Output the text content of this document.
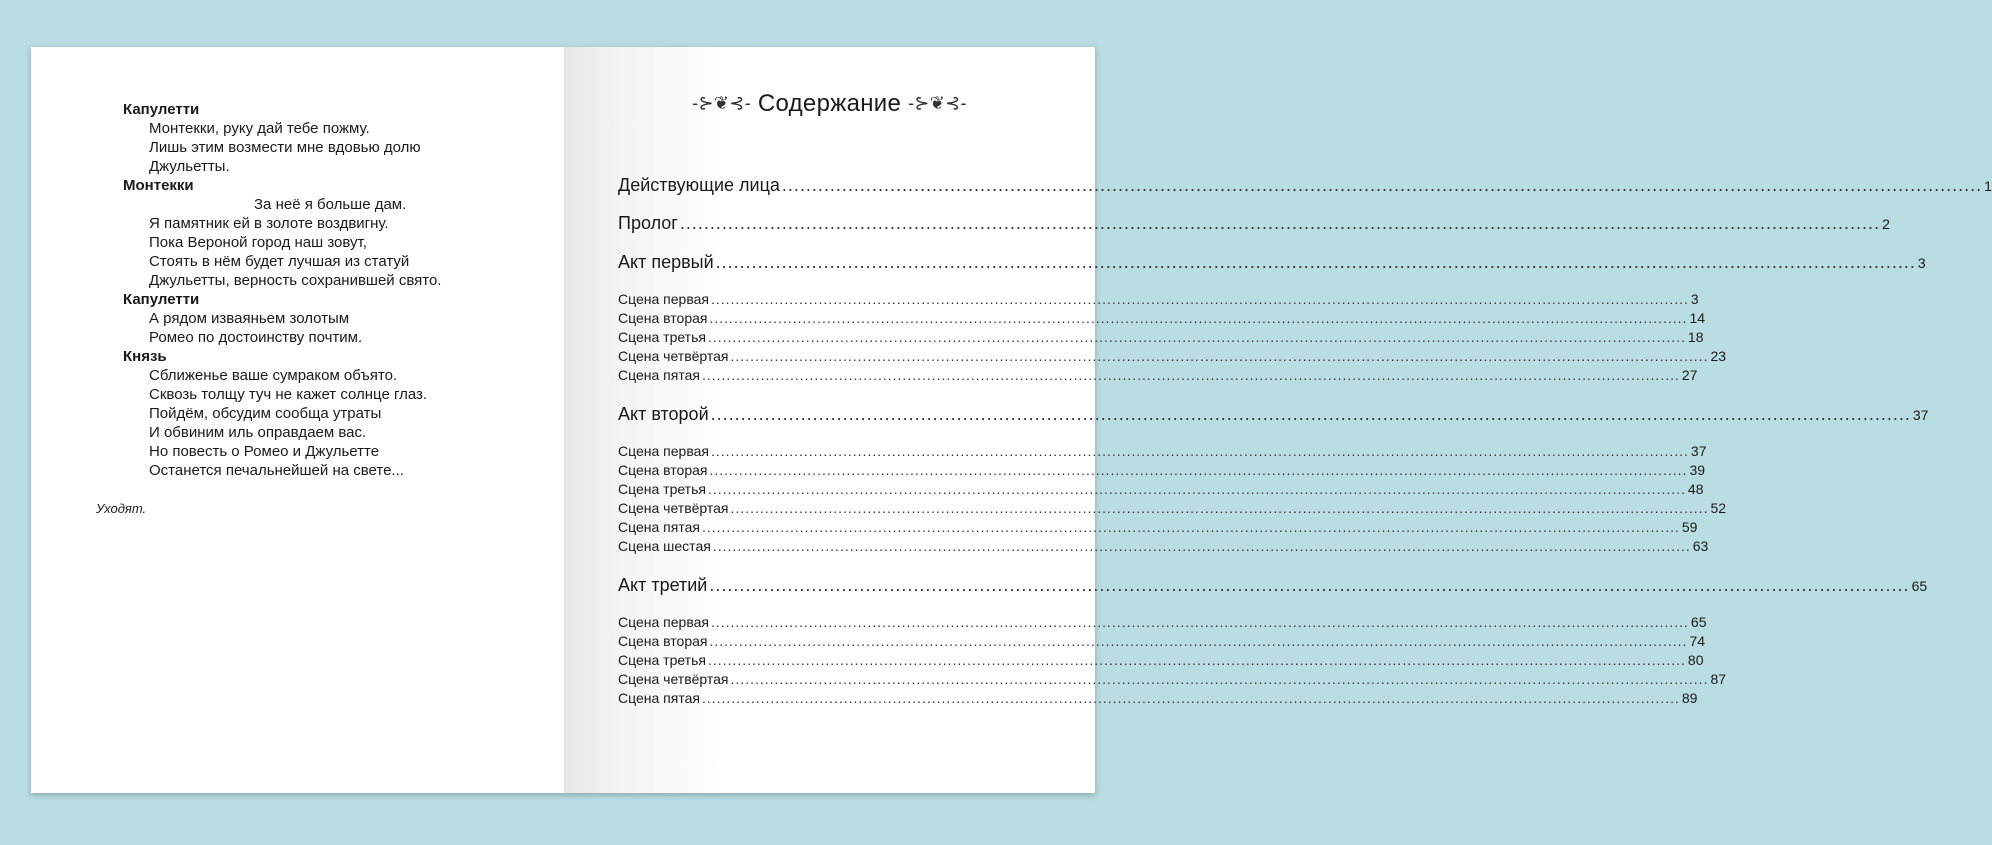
Капулетти
Монтекки, руку дай тебе пожму.
Лишь этим возмести мне вдовью долю
Джульетты.
Монтекки
За неё я больше дам.
Я памятник ей в золоте воздвигну.
Пока Вероной город наш зовут,
Стоять в нём будет лучшая из статуй
Джульетты, верность сохранившей свято.
Капулетти
А рядом изваяньем золотым
Ромео по достоинству почтим.
Князь
Сближенье ваше сумраком объято.
Сквозь толщу туч не кажет солнце глаз.
Пойдём, обсудим сообща утраты
И обвиним иль оправдаем вас.
Но повесть о Ромео и Джульетте
Останется печальнейшей на свете...
Уходят.
-⊱❦⊰- Содержание -⊱❦⊰-
Действующие лица ........................................................................................................................................................................................................ 1
Пролог ........................................................................................................................................................................................................ 2
Акт первый ........................................................................................................................................................................................................ 3
Сцена первая ........................................................................................................................................................................................................ 3
Сцена вторая ........................................................................................................................................................................................................ 14
Сцена третья ........................................................................................................................................................................................................ 18
Сцена четвёртая ........................................................................................................................................................................................................ 23
Сцена пятая ........................................................................................................................................................................................................ 27
Акт второй ........................................................................................................................................................................................................ 37
Сцена первая ........................................................................................................................................................................................................ 37
Сцена вторая ........................................................................................................................................................................................................ 39
Сцена третья ........................................................................................................................................................................................................ 48
Сцена четвёртая ........................................................................................................................................................................................................ 52
Сцена пятая ........................................................................................................................................................................................................ 59
Сцена шестая ........................................................................................................................................................................................................ 63
Акт третий ........................................................................................................................................................................................................ 65
Сцена первая ........................................................................................................................................................................................................ 65
Сцена вторая ........................................................................................................................................................................................................ 74
Сцена третья ........................................................................................................................................................................................................ 80
Сцена четвёртая ........................................................................................................................................................................................................ 87
Сцена пятая ........................................................................................................................................................................................................ 89
